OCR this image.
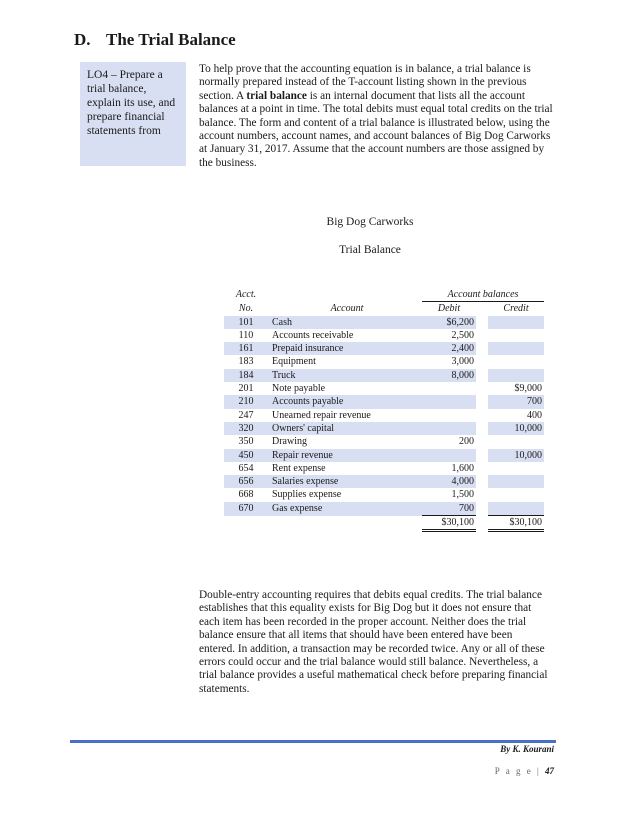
D. The Trial Balance
LO4 – Prepare a trial balance, explain its use, and prepare financial statements from

To help prove that the accounting equation is in balance, a trial balance is normally prepared instead of the T-account listing shown in the previous section. A trial balance is an internal document that lists all the account balances at a point in time. The total debits must equal total credits on the trial balance. The form and content of a trial balance is illustrated below, using the account numbers, account names, and account balances of Big Dog Carworks at January 31, 2017. Assume that the account numbers are those assigned by the business.

Big Dog Carworks
Trial Balance
Acct.		Account balances		
No.	Account	Debit		Credit
101	Cash	$6,200		
110	Accounts receivable	2,500		
161	Prepaid insurance	2,400		
183	Equipment	3,000		
184	Truck	8,000		
201	Note payable			$9,000
210	Accounts payable			700
247	Unearned repair revenue			400
320	Owners' capital			10,000
350	Drawing	200		
450	Repair revenue			10,000
654	Rent expense	1,600		
656	Salaries expense	4,000		
668	Supplies expense	1,500		
670	Gas expense	700		
		$30,100		$30,100

Double-entry accounting requires that debits equal credits. The trial balance establishes that this equality exists for Big Dog but it does not ensure that each item has been recorded in the proper account. Neither does the trial balance ensure that all items that should have been entered have been entered. In addition, a transaction may be recorded twice. Any or all of these errors could occur and the trial balance would still balance. Nevertheless, a trial balance provides a useful mathematical check before preparing financial statements.

By K. Kourani
P a g e | 47
